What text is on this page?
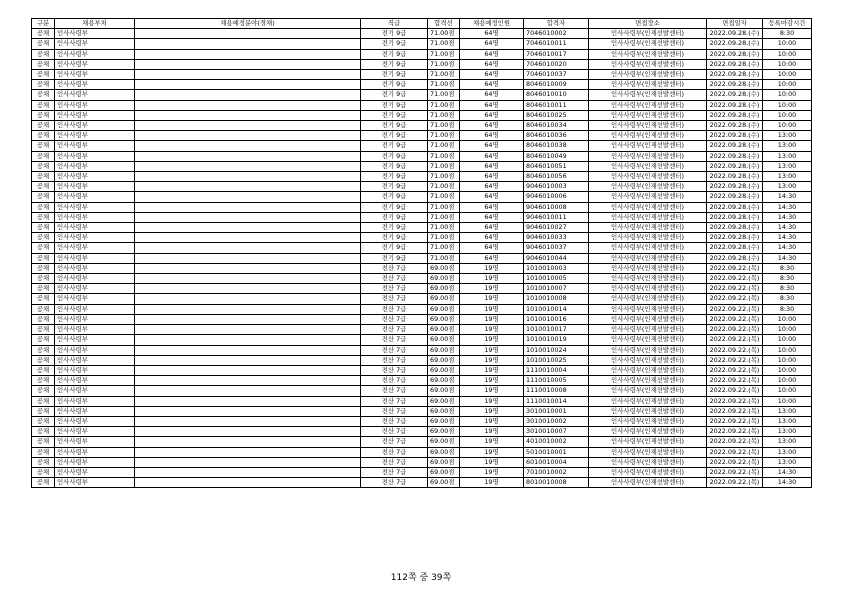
구분	채용부처	채용예정분야(경채)	직급	합격선	채용예정인원	합격자	면접장소	면접일자	등록마감시간
공채	인사사령부		전기 9급	71.00점	64명	7046010002	인사사령부(인재선발센터)	2022.09.28.(수)	8:30
공채	인사사령부		전기 9급	71.00점	64명	7046010011	인사사령부(인재선발센터)	2022.09.28.(수)	10:00
공채	인사사령부		전기 9급	71.00점	64명	7046010017	인사사령부(인재선발센터)	2022.09.28.(수)	10:00
공채	인사사령부		전기 9급	71.00점	64명	7046010020	인사사령부(인재선발센터)	2022.09.28.(수)	10:00
공채	인사사령부		전기 9급	71.00점	64명	7046010037	인사사령부(인재선발센터)	2022.09.28.(수)	10:00
공채	인사사령부		전기 9급	71.00점	64명	8046010009	인사사령부(인재선발센터)	2022.09.28.(수)	10:00
공채	인사사령부		전기 9급	71.00점	64명	8046010010	인사사령부(인재선발센터)	2022.09.28.(수)	10:00
공채	인사사령부		전기 9급	71.00점	64명	8046010011	인사사령부(인재선발센터)	2022.09.28.(수)	10:00
공채	인사사령부		전기 9급	71.00점	64명	8046010025	인사사령부(인재선발센터)	2022.09.28.(수)	10:00
공채	인사사령부		전기 9급	71.00점	64명	8046010034	인사사령부(인재선발센터)	2022.09.28.(수)	10:00
공채	인사사령부		전기 9급	71.00점	64명	8046010036	인사사령부(인재선발센터)	2022.09.28.(수)	13:00
공채	인사사령부		전기 9급	71.00점	64명	8046010038	인사사령부(인재선발센터)	2022.09.28.(수)	13:00
공채	인사사령부		전기 9급	71.00점	64명	8046010049	인사사령부(인재선발센터)	2022.09.28.(수)	13:00
공채	인사사령부		전기 9급	71.00점	64명	8046010051	인사사령부(인재선발센터)	2022.09.28.(수)	13:00
공채	인사사령부		전기 9급	71.00점	64명	8046010056	인사사령부(인재선발센터)	2022.09.28.(수)	13:00
공채	인사사령부		전기 9급	71.00점	64명	9046010003	인사사령부(인재선발센터)	2022.09.28.(수)	13:00
공채	인사사령부		전기 9급	71.00점	64명	9046010006	인사사령부(인재선발센터)	2022.09.28.(수)	14:30
공채	인사사령부		전기 9급	71.00점	64명	9046010008	인사사령부(인재선발센터)	2022.09.28.(수)	14:30
공채	인사사령부		전기 9급	71.00점	64명	9046010011	인사사령부(인재선발센터)	2022.09.28.(수)	14:30
공채	인사사령부		전기 9급	71.00점	64명	9046010027	인사사령부(인재선발센터)	2022.09.28.(수)	14:30
공채	인사사령부		전기 9급	71.00점	64명	9046010033	인사사령부(인재선발센터)	2022.09.28.(수)	14:30
공채	인사사령부		전기 9급	71.00점	64명	9046010037	인사사령부(인재선발센터)	2022.09.28.(수)	14:30
공채	인사사령부		전기 9급	71.00점	64명	9046010044	인사사령부(인재선발센터)	2022.09.28.(수)	14:30
공채	인사사령부		전산 7급	69.00점	19명	1010010003	인사사령부(인재선발센터)	2022.09.22.(목)	8:30
공채	인사사령부		전산 7급	69.00점	19명	1010010005	인사사령부(인재선발센터)	2022.09.22.(목)	8:30
공채	인사사령부		전산 7급	69.00점	19명	1010010007	인사사령부(인재선발센터)	2022.09.22.(목)	8:30
공채	인사사령부		전산 7급	69.00점	19명	1010010008	인사사령부(인재선발센터)	2022.09.22.(목)	8:30
공채	인사사령부		전산 7급	69.00점	19명	1010010014	인사사령부(인재선발센터)	2022.09.22.(목)	8:30
공채	인사사령부		전산 7급	69.00점	19명	1010010016	인사사령부(인재선발센터)	2022.09.22.(목)	10:00
공채	인사사령부		전산 7급	69.00점	19명	1010010017	인사사령부(인재선발센터)	2022.09.22.(목)	10:00
공채	인사사령부		전산 7급	69.00점	19명	1010010019	인사사령부(인재선발센터)	2022.09.22.(목)	10:00
공채	인사사령부		전산 7급	69.00점	19명	1010010024	인사사령부(인재선발센터)	2022.09.22.(목)	10:00
공채	인사사령부		전산 7급	69.00점	19명	1010010025	인사사령부(인재선발센터)	2022.09.22.(목)	10:00
공채	인사사령부		전산 7급	69.00점	19명	1110010004	인사사령부(인재선발센터)	2022.09.22.(목)	10:00
공채	인사사령부		전산 7급	69.00점	19명	1110010005	인사사령부(인재선발센터)	2022.09.22.(목)	10:00
공채	인사사령부		전산 7급	69.00점	19명	1110010008	인사사령부(인재선발센터)	2022.09.22.(목)	10:00
공채	인사사령부		전산 7급	69.00점	19명	1110010014	인사사령부(인재선발센터)	2022.09.22.(목)	10:00
공채	인사사령부		전산 7급	69.00점	19명	3010010001	인사사령부(인재선발센터)	2022.09.22.(목)	13:00
공채	인사사령부		전산 7급	69.00점	19명	3010010002	인사사령부(인재선발센터)	2022.09.22.(목)	13:00
공채	인사사령부		전산 7급	69.00점	19명	3010010007	인사사령부(인재선발센터)	2022.09.22.(목)	13:00
공채	인사사령부		전산 7급	69.00점	19명	4010010002	인사사령부(인재선발센터)	2022.09.22.(목)	13:00
공채	인사사령부		전산 7급	69.00점	19명	5010010001	인사사령부(인재선발센터)	2022.09.22.(목)	13:00
공채	인사사령부		전산 7급	69.00점	19명	6010010004	인사사령부(인재선발센터)	2022.09.22.(목)	13:00
공채	인사사령부		전산 7급	69.00점	19명	7010010002	인사사령부(인재선발센터)	2022.09.22.(목)	14:30
공채	인사사령부		전산 7급	69.00점	19명	8010010008	인사사령부(인재선발센터)	2022.09.22.(목)	14:30
112쪽 중 39쪽
